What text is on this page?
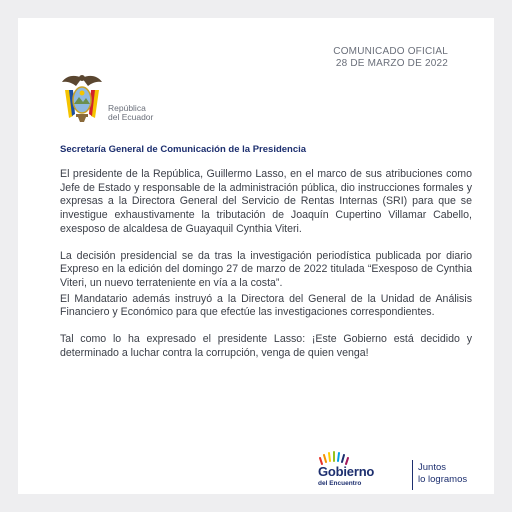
COMUNICADO OFICIAL
28 DE MARZO DE 2022
República
del Ecuador
Secretaría General de Comunicación de la Presidencia

El presidente de la República, Guillermo Lasso, en el marco de sus atribuciones como Jefe de Estado y responsable de la administración pública, dio instrucciones formales y expresas a la Directora General del Servicio de Rentas Internas (SRI) para que se investigue exhaustivamente la tributación de Joaquín Cupertino Villamar Cabello, exesposo de alcaldesa de Guayaquil Cynthia Viteri.

La decisión presidencial se da tras la investigación periodística publicada por diario Expreso en la edición del domingo 27 de marzo de 2022 titulada “Exesposo de Cynthia Viteri, un nuevo terrateniente en vía a la costa”.

El Mandatario además instruyó a la Directora del General de la Unidad de Análisis Financiero y Económico para que efectúe las investigaciones correspondientes.

Tal como lo ha expresado el presidente Lasso: ¡Este Gobierno está decidido y determinado a luchar contra la corrupción, venga de quien venga!

Gobierno
del Encuentro
Juntos
lo logramos
